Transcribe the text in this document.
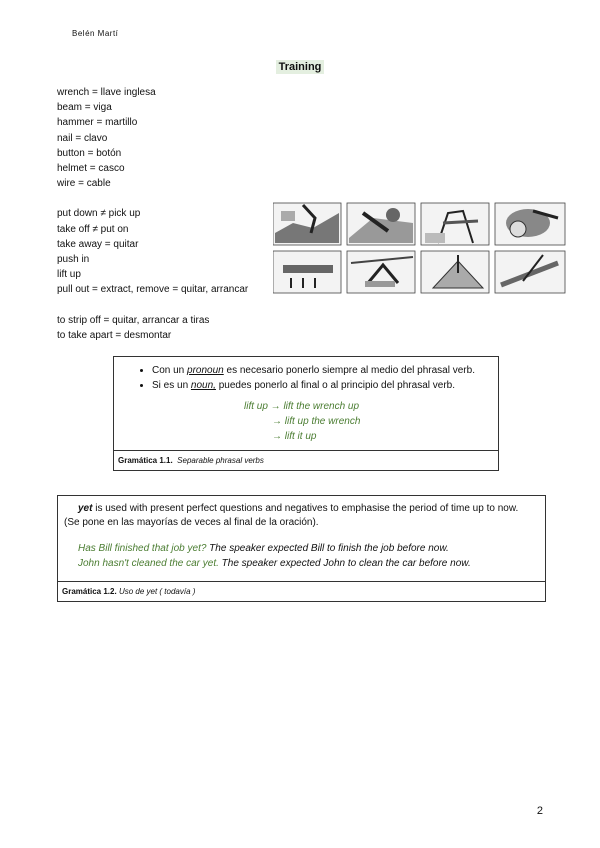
Belén Martí
Training
wrench = llave inglesa
beam = viga
hammer = martillo
nail = clavo
button = botón
helmet = casco
wire = cable
put down ≠ pick up
take off ≠ put on
take away = quitar
push in
lift up
pull out = extract, remove = quitar, arrancar
to strip off = quitar, arrancar a tiras
to take apart = desmontar
• Con un pronoun es necesario ponerlo siempre al medio del phrasal verb.
• Si es un noun, puedes ponerlo al final o al principio del phrasal verb.
lift up → lift the wrench up
→ lift up the wrench
→ lift it up
Gramática 1.1. Separable phrasal verbs
yet is used with present perfect questions and negatives to emphasise the period of time up to now.
(Se pone en las mayorías de veces al final de la oración).
Has Bill finished that job yet? The speaker expected Bill to finish the job before now.
John hasn't cleaned the car yet. The speaker expected John to clean the car before now.
Gramática 1.2. Uso de yet ( todavía )
2
